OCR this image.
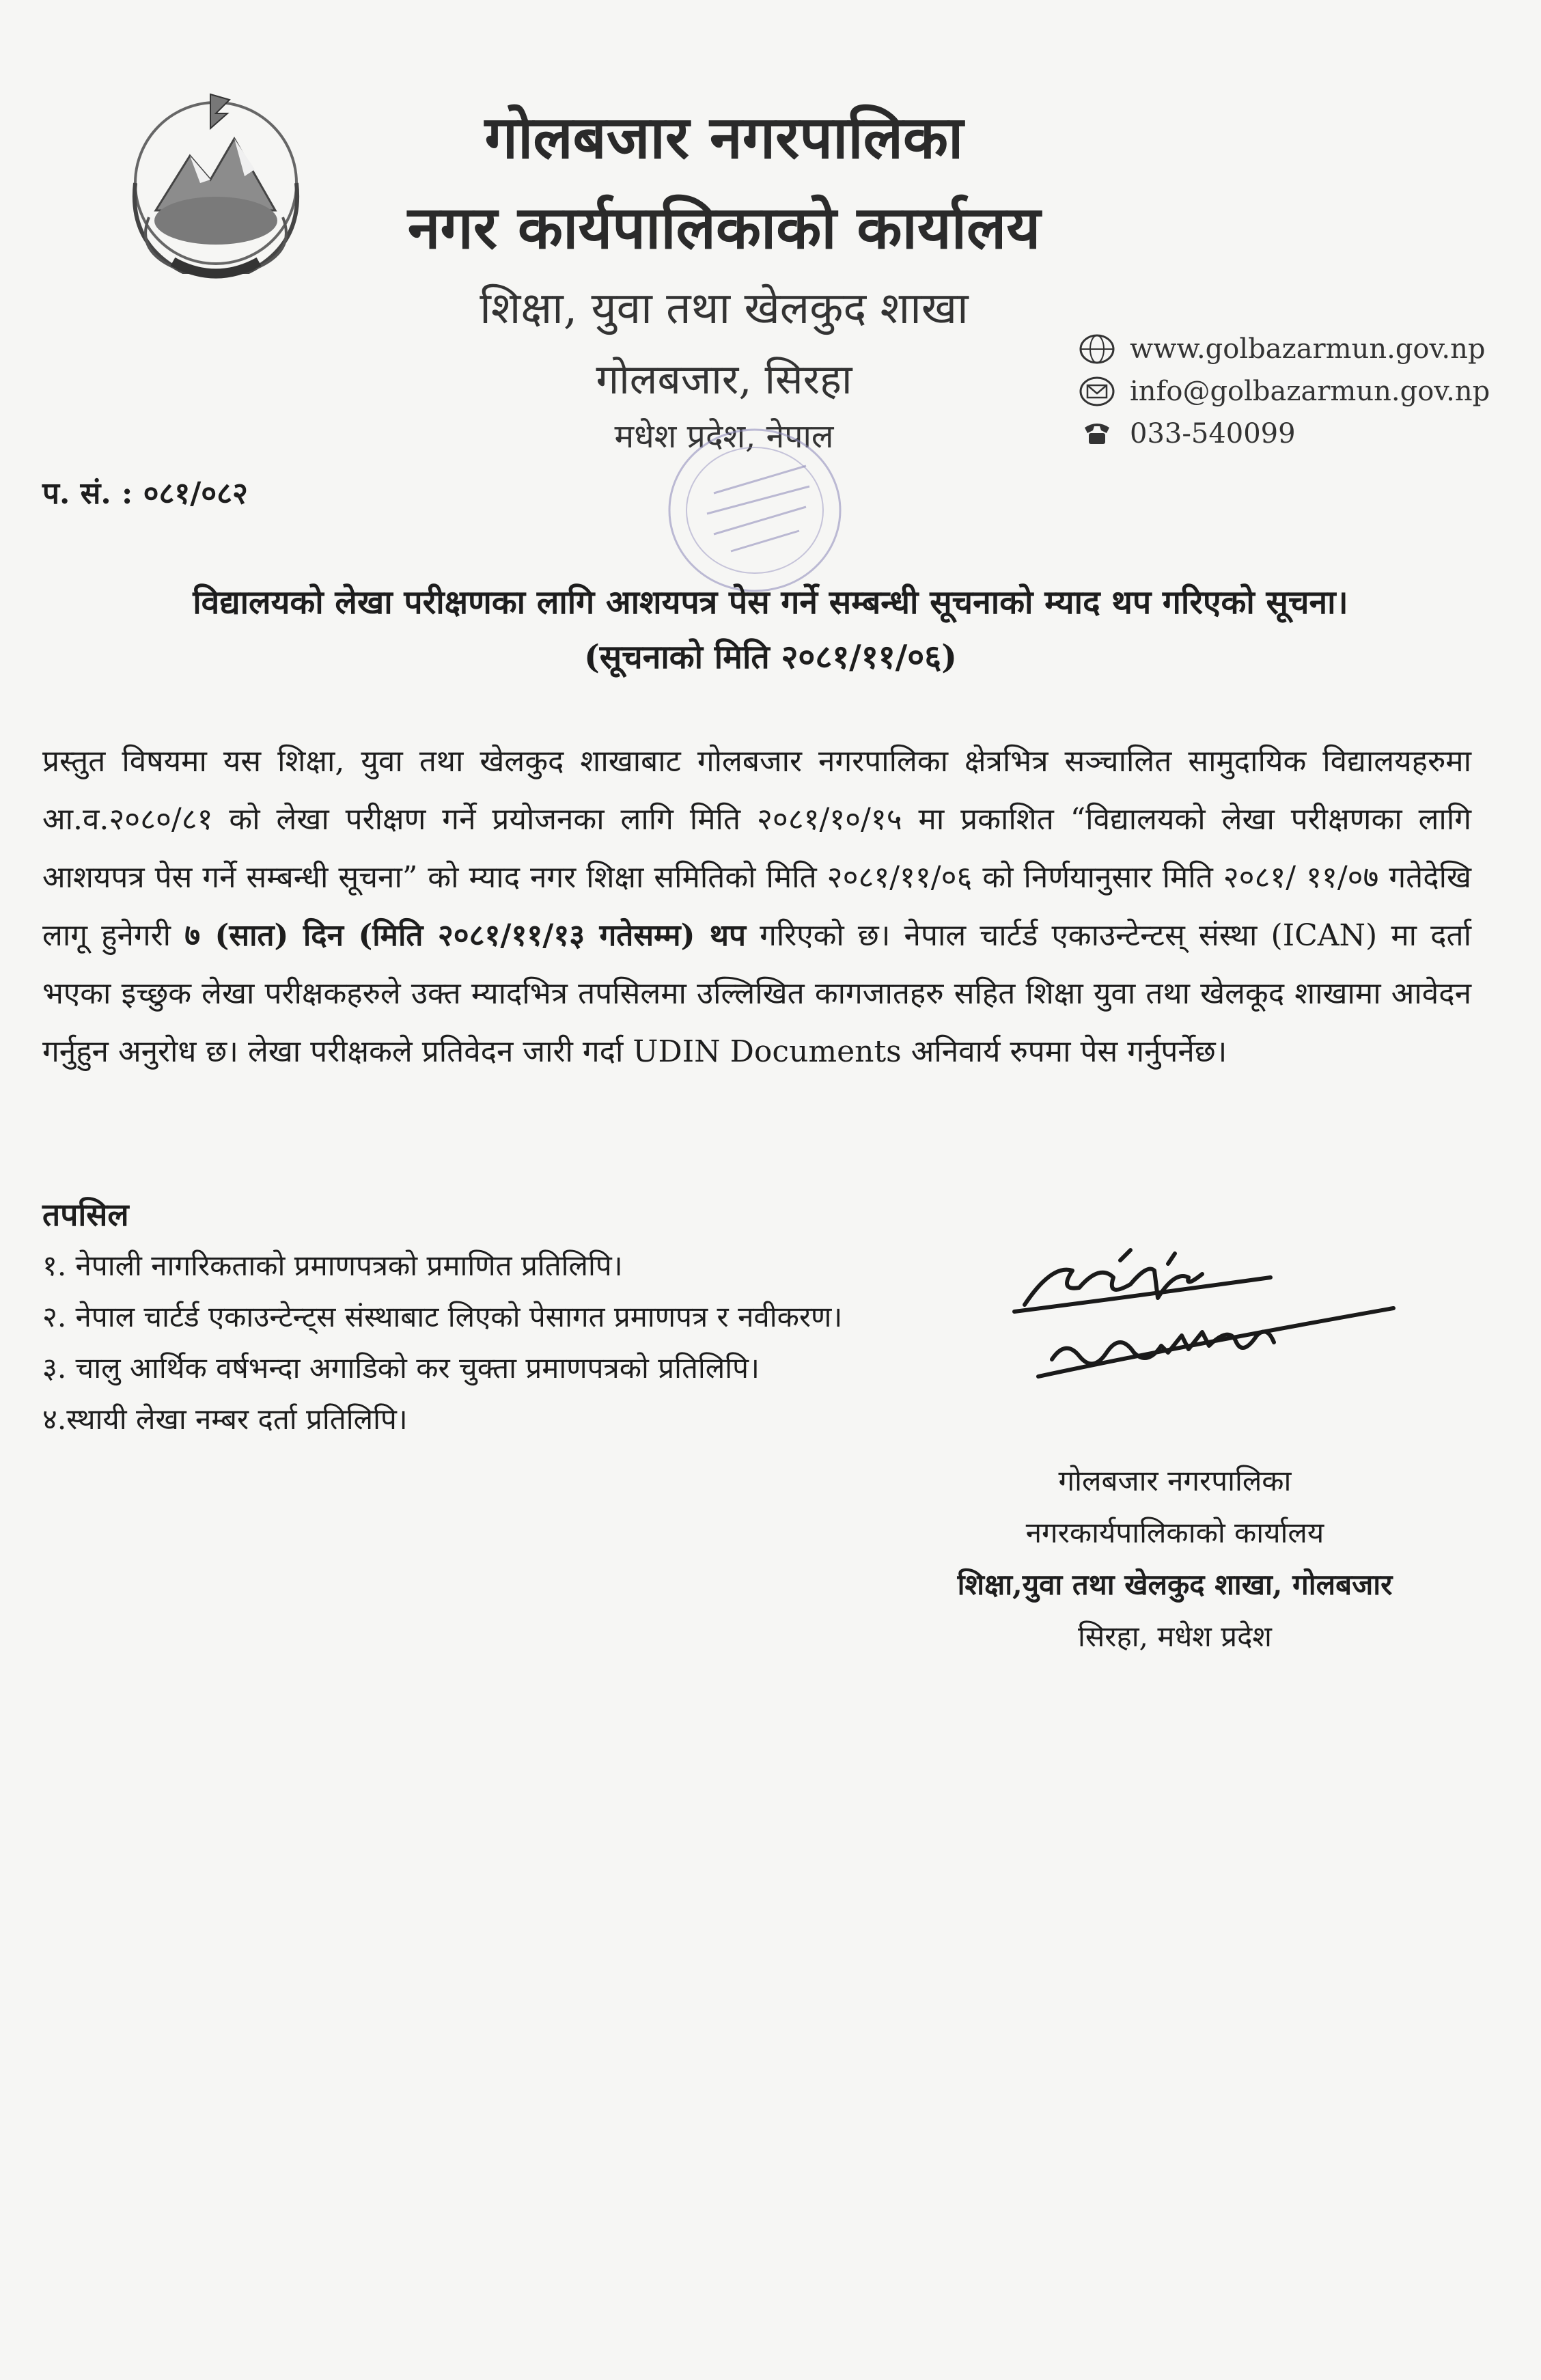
गोलबजार नगरपालिका
नगर कार्यपालिकाको कार्यालय
शिक्षा, युवा तथा खेलकुद शाखा
गोलबजार, सिरहा
मधेश प्रदेश, नेपाल
www.golbazarmun.gov.np
info@golbazarmun.gov.np
033-540099
प. सं. : ०८१/०८२
विद्यालयको लेखा परीक्षणका लागि आशयपत्र पेस गर्ने सम्बन्धी सूचनाको म्याद थप गरिएको सूचना।
(सूचनाको मिति २०८१/११/०६)
प्रस्तुत विषयमा यस शिक्षा, युवा तथा खेलकुद शाखाबाट गोलबजार नगरपालिका क्षेत्रभित्र सञ्चालित सामुदायिक विद्यालयहरुमा आ.व.२०८०/८१ को लेखा परीक्षण गर्ने प्रयोजनका लागि मिति २०८१/१०/१५ मा प्रकाशित “विद्यालयको लेखा परीक्षणका लागि आशयपत्र पेस गर्ने सम्बन्धी सूचना” को म्याद नगर शिक्षा समितिको मिति २०८१/११/०६ को निर्णयानुसार मिति २०८१/ ११/०७ गतेदेखि लागू हुनेगरी ७ (सात) दिन (मिति २०८१/११/१३ गतेसम्म) थप गरिएको छ। नेपाल चार्टर्ड एकाउन्टेन्टस् संस्था (ICAN) मा दर्ता भएका इच्छुक लेखा परीक्षकहरुले उक्त म्यादभित्र तपसिलमा उल्लिखित कागजातहरु सहित शिक्षा युवा तथा खेलकूद शाखामा आवेदन गर्नुहुन अनुरोध छ। लेखा परीक्षकले प्रतिवेदन जारी गर्दा UDIN Documents अनिवार्य रुपमा पेस गर्नुपर्नेछ।
तपसिल
१. नेपाली नागरिकताको प्रमाणपत्रको प्रमाणित प्रतिलिपि।
२. नेपाल चार्टर्ड एकाउन्टेन्ट्स संस्थाबाट लिएको पेसागत प्रमाणपत्र र नवीकरण।
३. चालु आर्थिक वर्षभन्दा अगाडिको कर चुक्ता प्रमाणपत्रको प्रतिलिपि।
४.स्थायी लेखा नम्बर दर्ता प्रतिलिपि।
गोलबजार नगरपालिका
नगरकार्यपालिकाको कार्यालय
शिक्षा,युवा तथा खेलकुद शाखा, गोलबजार
सिरहा, मधेश प्रदेश
